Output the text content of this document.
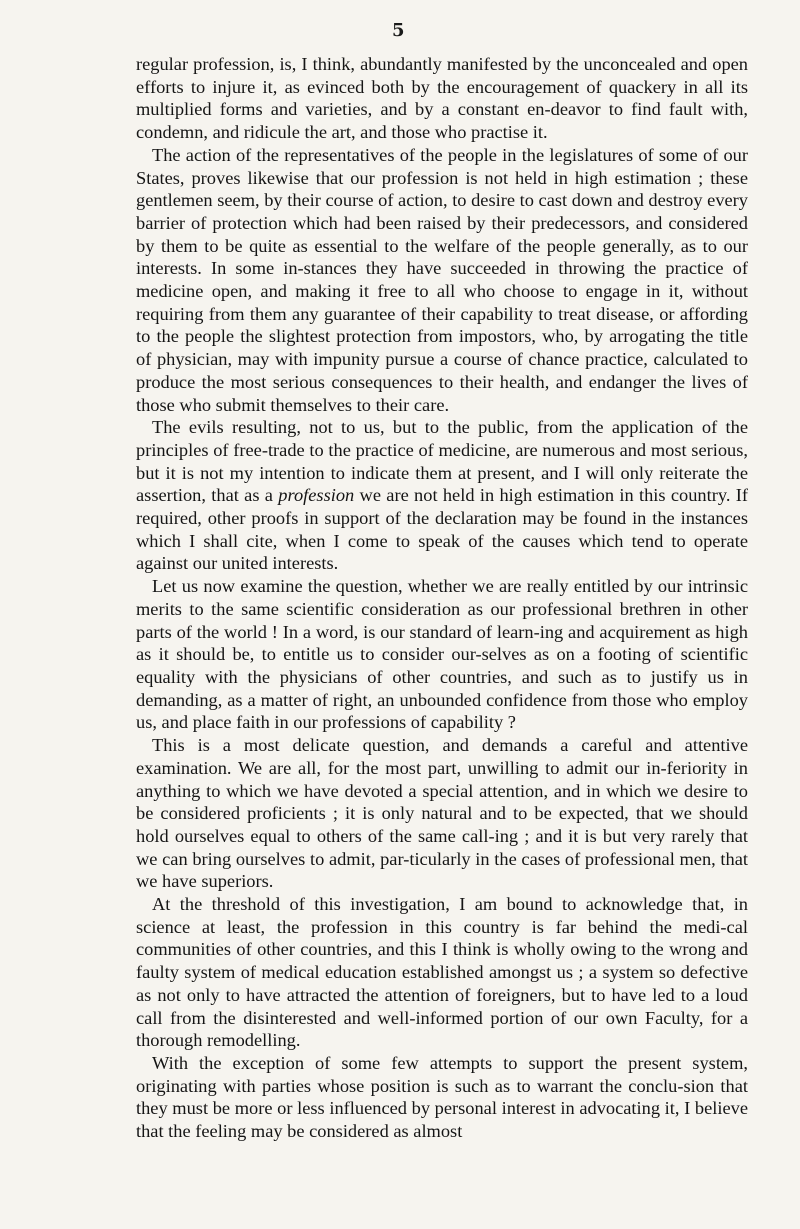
5

regular profession, is, I think, abundantly manifested by the unconcealed and open efforts to injure it, as evinced both by the encouragement of quackery in all its multiplied forms and varieties, and by a constant en-deavor to find fault with, condemn, and ridicule the art, and those who practise it.

The action of the representatives of the people in the legislatures of some of our States, proves likewise that our profession is not held in high estimation ; these gentlemen seem, by their course of action, to desire to cast down and destroy every barrier of protection which had been raised by their predecessors, and considered by them to be quite as essential to the welfare of the people generally, as to our interests. In some in-stances they have succeeded in throwing the practice of medicine open, and making it free to all who choose to engage in it, without requiring from them any guarantee of their capability to treat disease, or affording to the people the slightest protection from impostors, who, by arrogating the title of physician, may with impunity pursue a course of chance practice, calculated to produce the most serious consequences to their health, and endanger the lives of those who submit themselves to their care.

The evils resulting, not to us, but to the public, from the application of the principles of free-trade to the practice of medicine, are numerous and most serious, but it is not my intention to indicate them at present, and I will only reiterate the assertion, that as a profession we are not held in high estimation in this country. If required, other proofs in support of the declaration may be found in the instances which I shall cite, when I come to speak of the causes which tend to operate against our united interests.

Let us now examine the question, whether we are really entitled by our intrinsic merits to the same scientific consideration as our professional brethren in other parts of the world ! In a word, is our standard of learn-ing and acquirement as high as it should be, to entitle us to consider our-selves as on a footing of scientific equality with the physicians of other countries, and such as to justify us in demanding, as a matter of right, an unbounded confidence from those who employ us, and place faith in our professions of capability ?

This is a most delicate question, and demands a careful and attentive examination. We are all, for the most part, unwilling to admit our in-feriority in anything to which we have devoted a special attention, and in which we desire to be considered proficients ; it is only natural and to be expected, that we should hold ourselves equal to others of the same call-ing ; and it is but very rarely that we can bring ourselves to admit, par-ticularly in the cases of professional men, that we have superiors.

At the threshold of this investigation, I am bound to acknowledge that, in science at least, the profession in this country is far behind the medi-cal communities of other countries, and this I think is wholly owing to the wrong and faulty system of medical education established amongst us ; a system so defective as not only to have attracted the attention of foreigners, but to have led to a loud call from the disinterested and well-informed portion of our own Faculty, for a thorough remodelling.

With the exception of some few attempts to support the present system, originating with parties whose position is such as to warrant the conclu-sion that they must be more or less influenced by personal interest in advocating it, I believe that the feeling may be considered as almost
